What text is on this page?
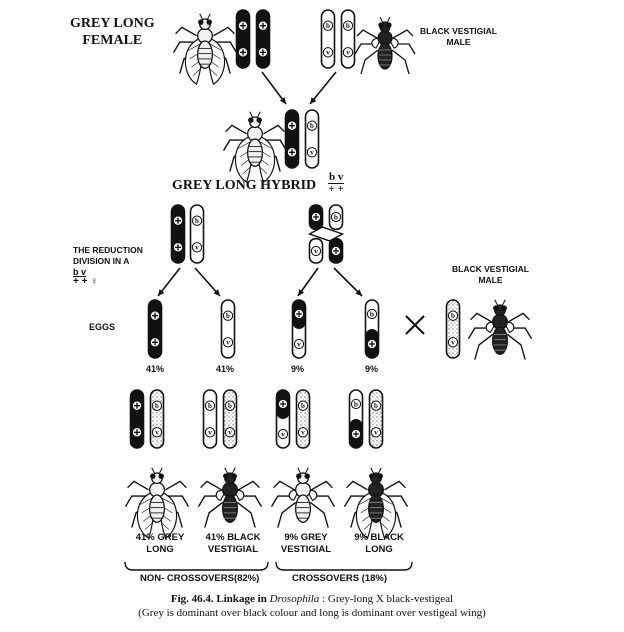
b
v
b
v
b
v
b
v
b
v
b
v	v
b	b
v
b
v
b
v
b
v	v
b
v
b b
v
GREY LONG
FEMALE
BLACK VESTIGIAL
MALE
GREY LONG HYBRID
b v
+ +
THE REDUCTION
DIVISION IN A
b v
+ + ♀
EGGS
BLACK VESTIGIAL
MALE
41%	41%	9%	9%
41% GREY
LONG
41% BLACK
VESTIGIAL
9% GREY
VESTIGIAL
9% BLACK
LONG
NON- CROSSOVERS(82%)	CROSSOVERS (18%)
Fig. 46.4. Linkage in Drosophila : Grey-long X black-vestigeal
(Grey is dominant over black colour and long is dominant over vestigeal wing)
